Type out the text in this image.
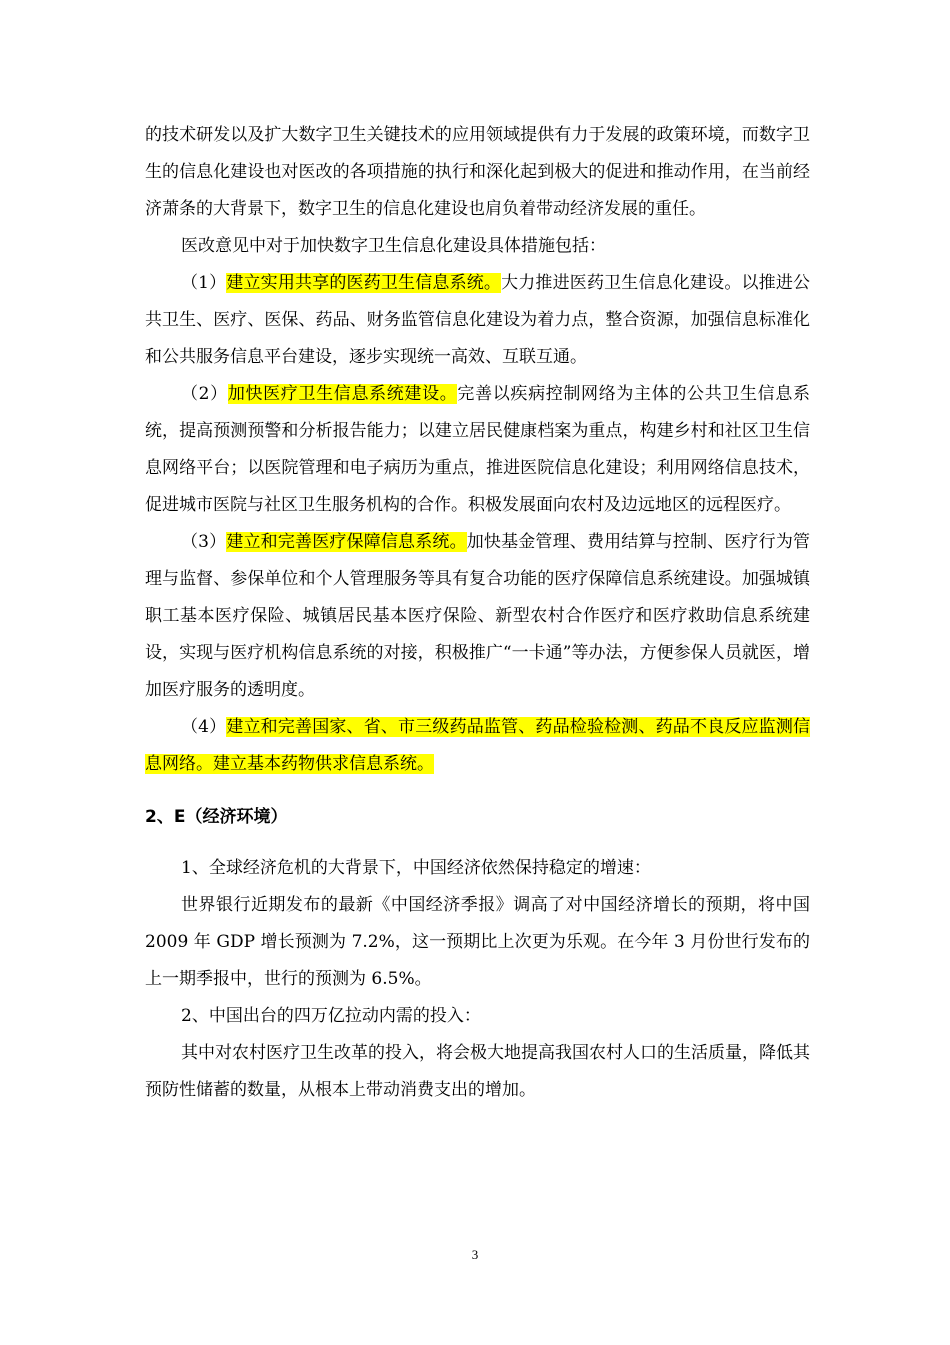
的技术研发以及扩大数字卫生关键技术的应用领域提供有力于发展的政策环境，而数字卫生的信息化建设也对医改的各项措施的执行和深化起到极大的促进和推动作用，在当前经济萧条的大背景下，数字卫生的信息化建设也肩负着带动经济发展的重任。

医改意见中对于加快数字卫生信息化建设具体措施包括：

（1）建立实用共享的医药卫生信息系统。大力推进医药卫生信息化建设。以推进公共卫生、医疗、医保、药品、财务监管信息化建设为着力点，整合资源，加强信息标准化和公共服务信息平台建设，逐步实现统一高效、互联互通。

（2）加快医疗卫生信息系统建设。完善以疾病控制网络为主体的公共卫生信息系统，提高预测预警和分析报告能力；以建立居民健康档案为重点，构建乡村和社区卫生信息网络平台；以医院管理和电子病历为重点，推进医院信息化建设；利用网络信息技术，促进城市医院与社区卫生服务机构的合作。积极发展面向农村及边远地区的远程医疗。

（3）建立和完善医疗保障信息系统。加快基金管理、费用结算与控制、医疗行为管理与监督、参保单位和个人管理服务等具有复合功能的医疗保障信息系统建设。加强城镇职工基本医疗保险、城镇居民基本医疗保险、新型农村合作医疗和医疗救助信息系统建设，实现与医疗机构信息系统的对接，积极推广“一卡通”等办法，方便参保人员就医，增加医疗服务的透明度。

（4）建立和完善国家、省、市三级药品监管、药品检验检测、药品不良反应监测信息网络。建立基本药物供求信息系统。

2、E（经济环境）

1、全球经济危机的大背景下，中国经济依然保持稳定的增速：

世界银行近期发布的最新《中国经济季报》调高了对中国经济增长的预期，将中国 2009 年 GDP 增长预测为 7.2%，这一预期比上次更为乐观。在今年 3 月份世行发布的上一期季报中，世行的预测为 6.5%。

2、中国出台的四万亿拉动内需的投入：

其中对农村医疗卫生改革的投入，将会极大地提高我国农村人口的生活质量，降低其预防性储蓄的数量，从根本上带动消费支出的增加。

3
